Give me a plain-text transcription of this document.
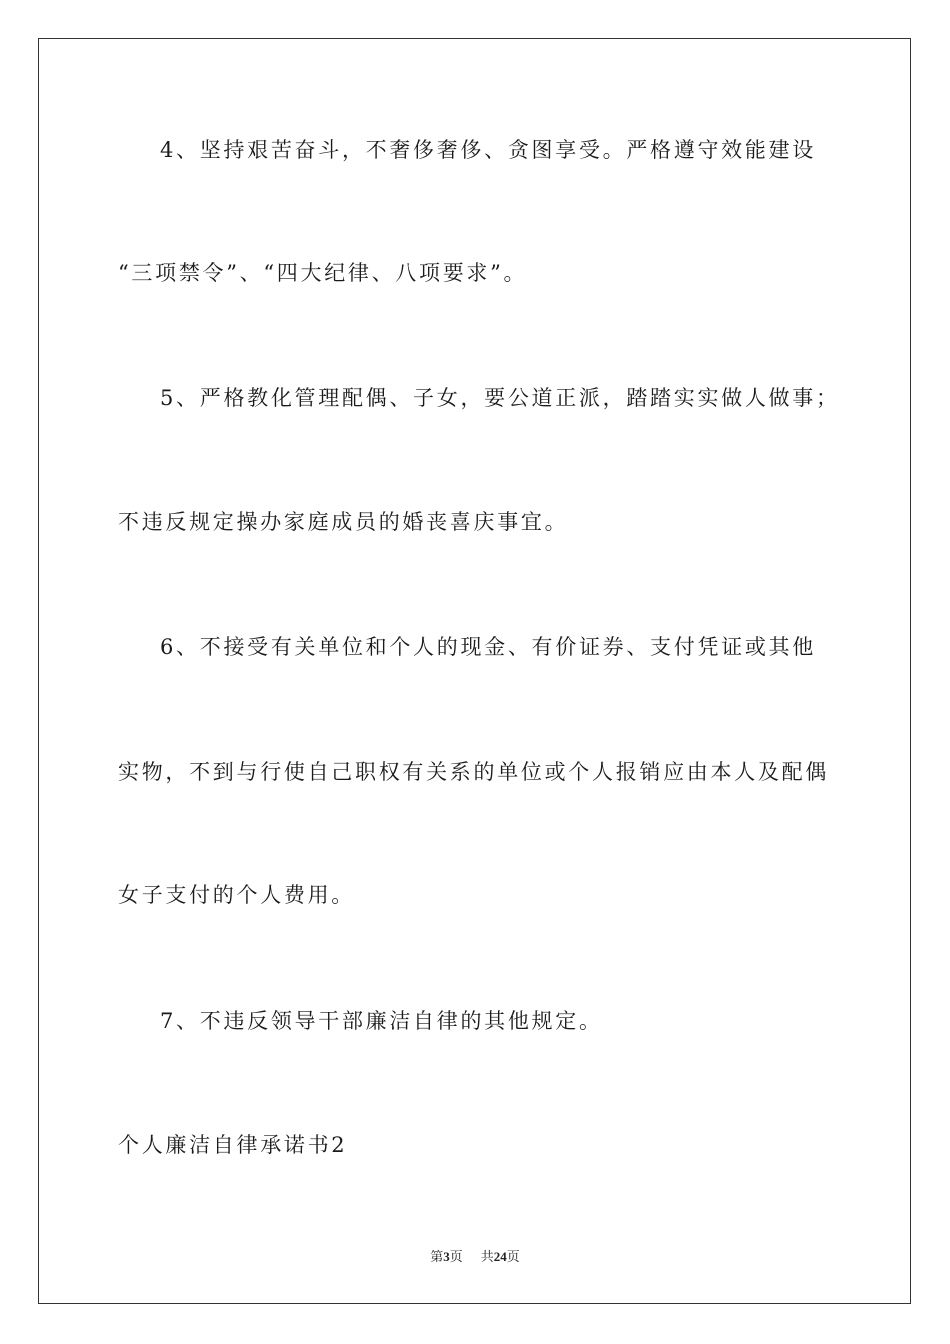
4、坚持艰苦奋斗，不奢侈奢侈、贪图享受。严格遵守效能建设
“三项禁令”、“四大纪律、八项要求”。
5、严格教化管理配偶、子女，要公道正派，踏踏实实做人做事；
不违反规定操办家庭成员的婚丧喜庆事宜。
6、不接受有关单位和个人的现金、有价证券、支付凭证或其他
实物，不到与行使自己职权有关系的单位或个人报销应由本人及配偶
女子支付的个人费用。
7、不违反领导干部廉洁自律的其他规定。
个人廉洁自律承诺书2
第3页 共24页
